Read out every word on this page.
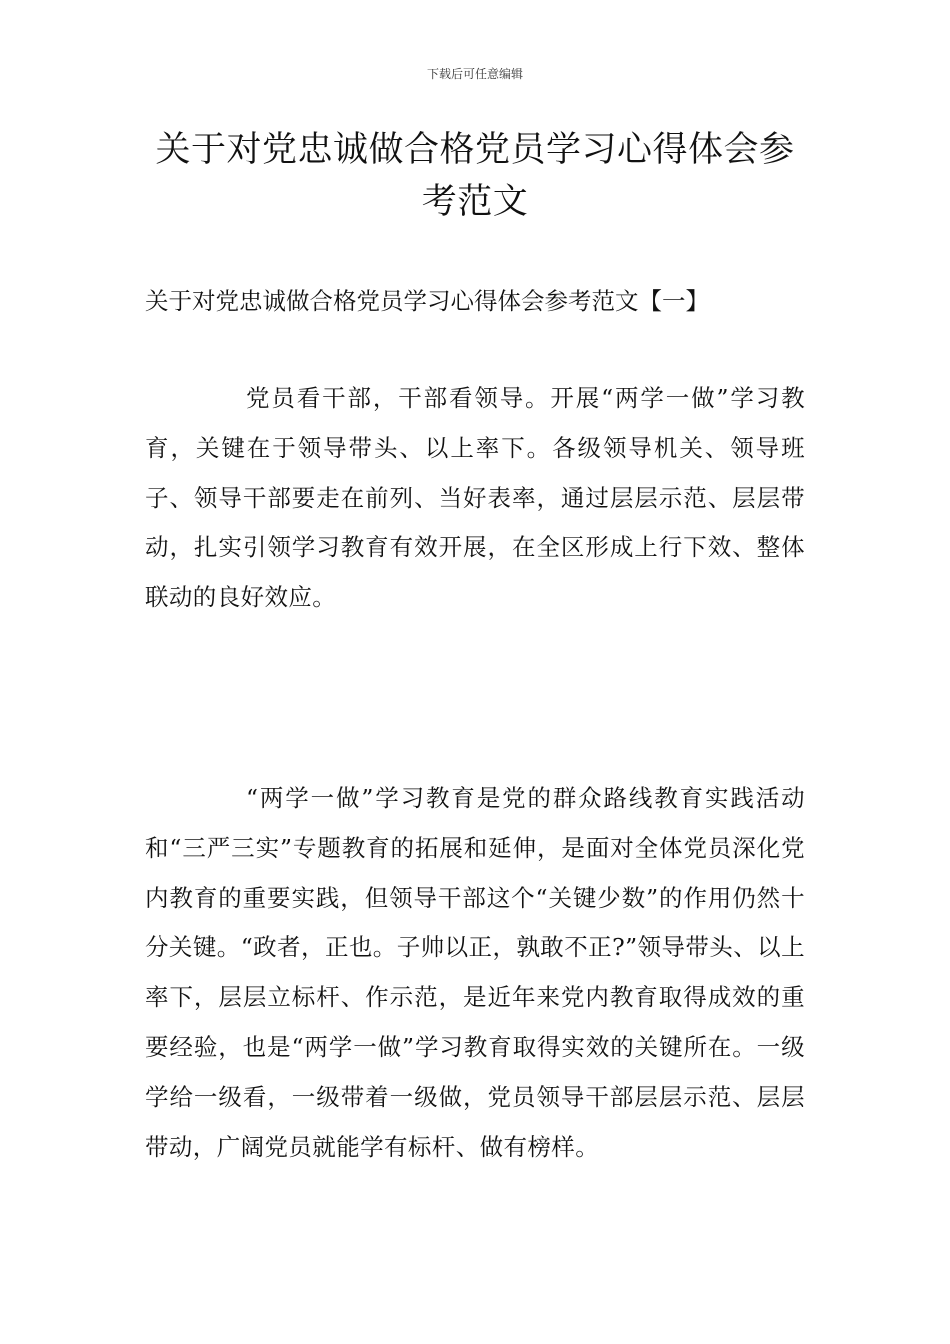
下载后可任意编辑
关于对党忠诚做合格党员学习心得体会参考范文
关于对党忠诚做合格党员学习心得体会参考范文【一】

党员看干部，干部看领导。开展“两学一做”学习教育，关键在于领导带头、以上率下。各级领导机关、领导班子、领导干部要走在前列、当好表率，通过层层示范、层层带动，扎实引领学习教育有效开展，在全区形成上行下效、整体联动的良好效应。

“两学一做”学习教育是党的群众路线教育实践活动和“三严三实”专题教育的拓展和延伸，是面对全体党员深化党内教育的重要实践，但领导干部这个“关键少数”的作用仍然十分关键。“政者，正也。子帅以正，孰敢不正?”领导带头、以上率下，层层立标杆、作示范，是近年来党内教育取得成效的重要经验，也是“两学一做”学习教育取得实效的关键所在。一级学给一级看，一级带着一级做，党员领导干部层层示范、层层带动，广阔党员就能学有标杆、做有榜样。
